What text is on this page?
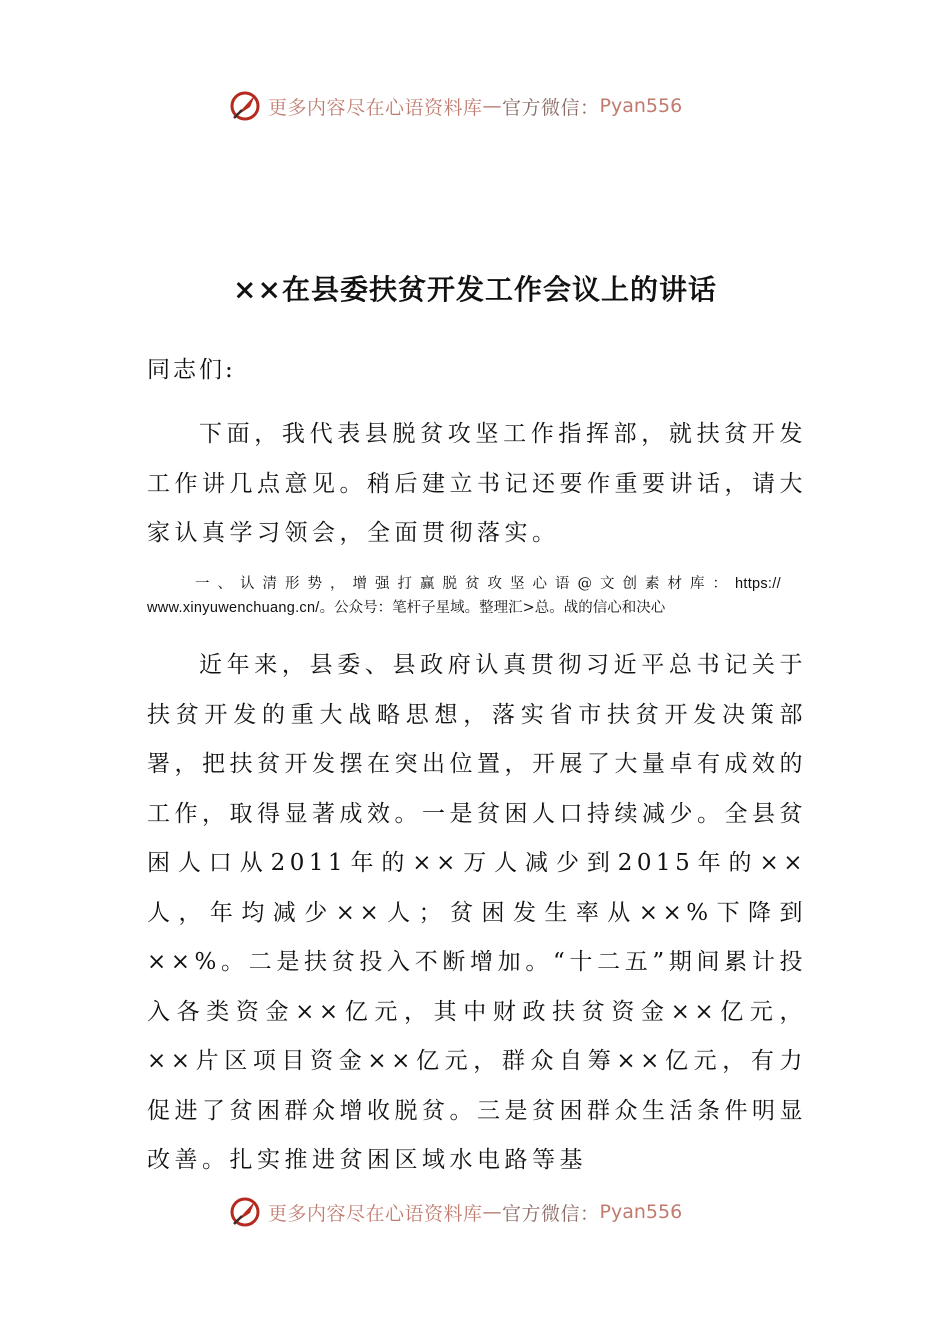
更多内容尽在心语资料库 — 官方微信： Pyan556
××在县委扶贫开发工作会议上的讲话

同志们:

下面，我代表县脱贫攻坚工作指挥部，就扶贫开发工作讲几点意见。稍后建立书记还要作重要讲话，请大家认真学习领会，全面贯彻落实。

一、认清形势，增强打赢脱贫攻坚心语@文创素材库：https://
www.xinyuwenchuang.cn/。公众号：笔杆子星域。整理汇>总。战的信心和决心

近年来，县委、县政府认真贯彻习近平总书记关于扶贫开发的重大战略思想，落实省市扶贫开发决策部署，把扶贫开发摆在突出位置，开展了大量卓有成效的工作，取得显著成效。一是贫困人口持续减少。全县贫困人口从2011年的××万人减少到2015年的××人，年均减少××人；贫困发生率从××%下降到××%。二是扶贫投入不断增加。“十二五”期间累计投入各类资金××亿元，其中财政扶贫资金××亿元，××片区项目资金××亿元，群众自筹××亿元，有力促进了贫困群众增收脱贫。三是贫困群众生活条件明显改善。扎实推进贫困区域水电路等基

更多内容尽在心语资料库 — 官方微信： Pyan556
